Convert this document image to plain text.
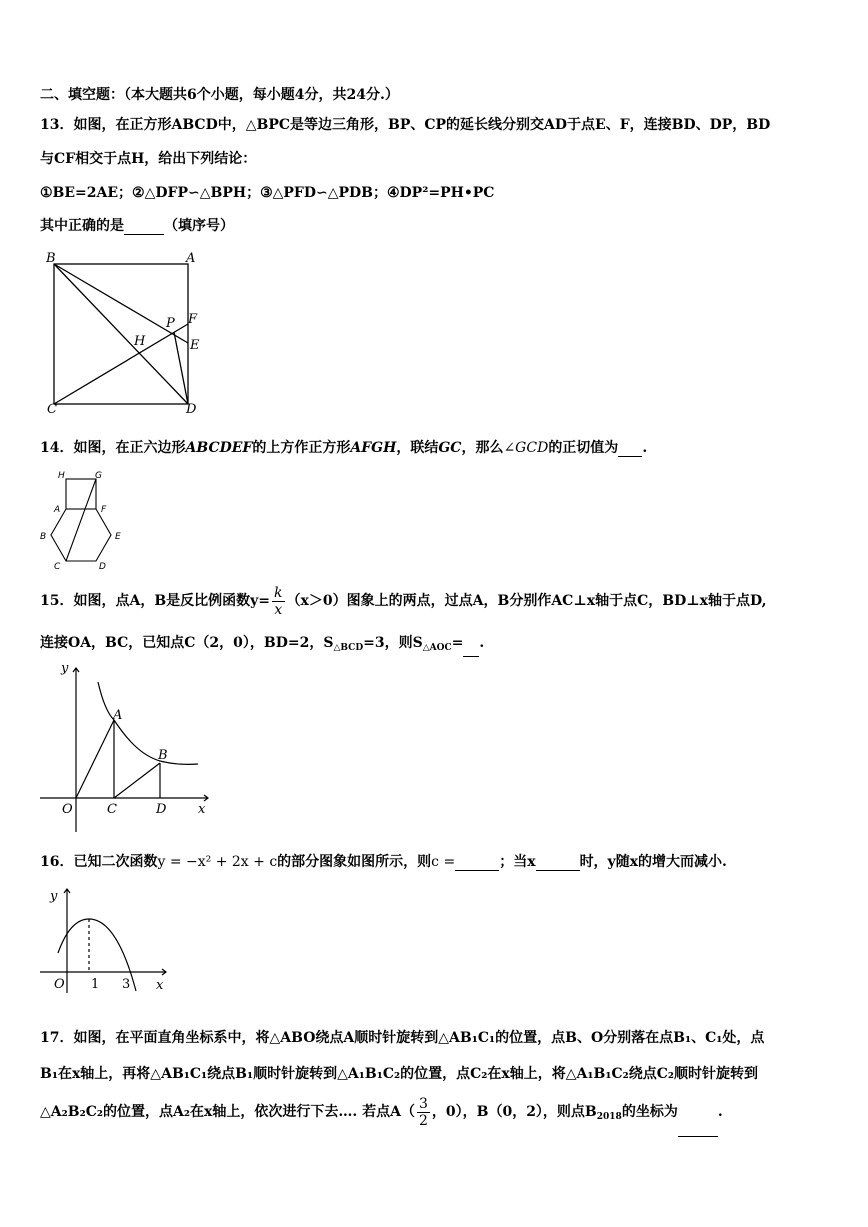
二、填空题：（本大题共6个小题，每小题4分，共24分.）
13．如图，在正方形ABCD中，△BPC是等边三角形，BP、CP的延长线分别交AD于点E、F，连接BD、DP，BD
与CF相交于点H，给出下列结论：
①BE=2AE；②△DFP∽△BPH；③△PFD∽△PDB；④DP²=PH•PC
其中正确的是	（填序号）
B	A
P F
H	E
C	D
14．如图，在正六边形ABCDEF的上方作正方形AFGH，联结GC，那么∠GCD的正切值为 .
H	G
A	F
B	E
C	D
15．如图，点A，B是反比例函数$y= \frac{k}{x} (x>0)$图象上的两点，过点A，B分别作AC⊥x轴于点C，BD⊥x轴于点D,
连接OA，BC，已知点C（2，0），BD=2，$S_{\triangle BCD}=3$，则$S_{\triangle AOC}=$ .
y
A
B
O	C	D x
16．已知二次函数y = −x² + 2x + c的部分图象如图所示，则c =	；当x	时，y随x的增大而减小.
y
O 1 3 x
17．如图，在平面直角坐标系中，将△ABO绕点A顺时针旋转到△AB₁C₁的位置，点B、O分别落在点B₁、C₁处，点
B₁在x轴上，再将△AB₁C₁绕点B₁顺时针旋转到△A₁B₁C₂的位置，点C₂在x轴上，将△A₁B₁C₂绕点C₂顺时针旋转到
△A₂B₂C₂的位置，点A₂在x轴上，依次进行下去…. 若点$A( \frac{3}{2}$ ，0），B（0，2），则点$B_{2018}$的坐标为	.
